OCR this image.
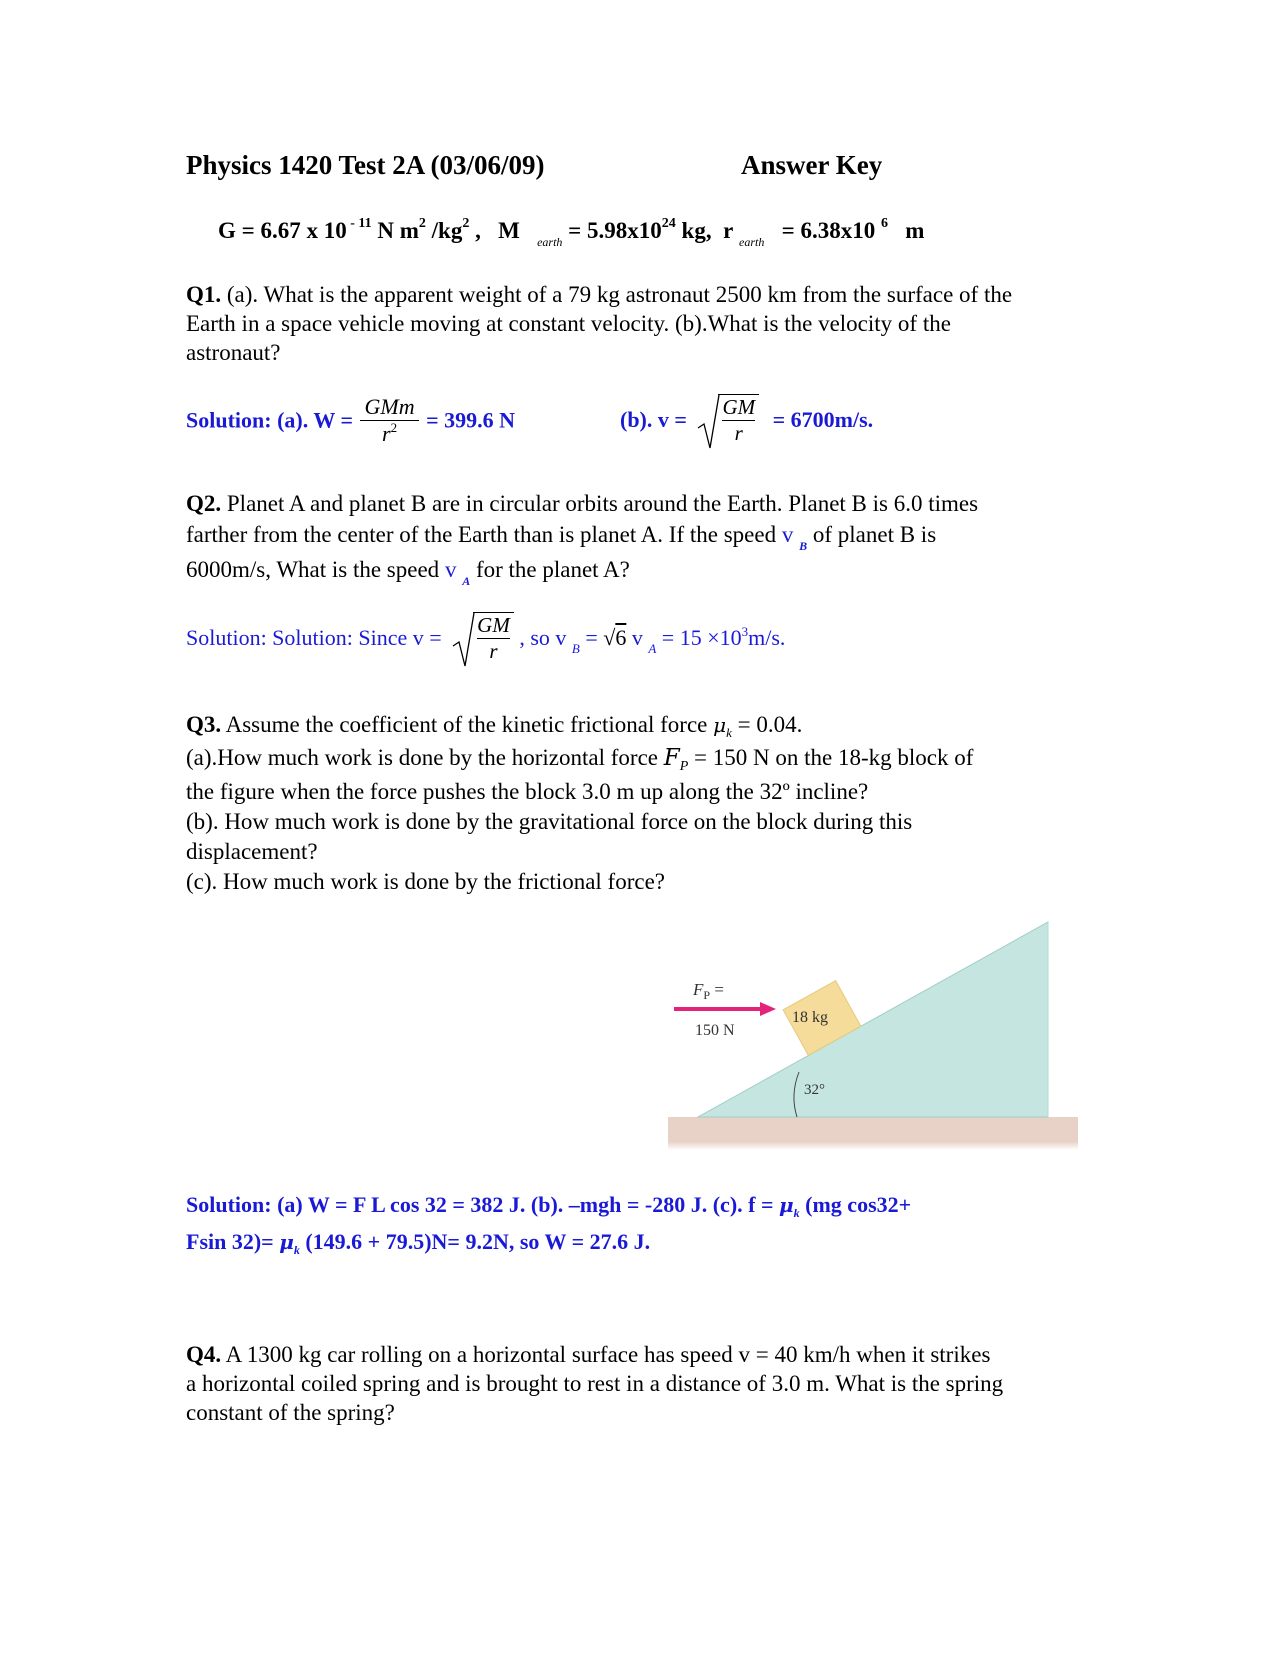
Physics 1420 Test 2A (03/06/09)	Answer Key
G = 6.67 x 10 $^{- 11}$ N $m^2$ $/kg^2$ , M $_{earth} = 5.98x10^{24}$ kg, r $_{earth}$   = 6.38x10 $^6$   m
Q1. (a). What is the apparent weight of a 79 kg astronaut 2500 km from the surface of the
Earth in a space vehicle moving at constant velocity. (b).What is the velocity of the
astronaut?
Solution: (a). $W = \frac{\text{GMm}}{r^2} = 399.6$ N	(b). $v = \frac{GM}{r} = 6700m/s$.
Q2. Planet A and planet B are in circular orbits around the Earth. Planet B is 6.0 times
farther from the center of the Earth than is planet A. If the speed v $_B$ of planet B is
6000m/s, What is the speed v $_A$ for the planet A?
Solution: Solution: Since $v = \frac{GM}{r}$ , so v $_B$ = √6 v $_A = 15 \times 10^3m/s$.
Q3. Assume the coefficient of the kinetic frictional force $\mu_k = 0.04$.
(a).How much work is done by the horizontal force $F_P = 150$ N on the 18-kg block of
the figure when the force pushes the block 3.0 m up along the 32º incline?
(b). How much work is done by the gravitational force on the block during this
displacement?
(c). How much work is done by the frictional force?
$F_P$ =
150 N
18 kg
32°
Solution: (a) W = F L cos 32 = 382 J. (b). –mgh = -280 J. (c). $f = \mu_k$ (mg cos32+
Fsin $32)= \mu_k$ (149.6 + 79.5)N= 9.2N, so W = 27.6 J.
Q4. A 1300 kg car rolling on a horizontal surface has speed v = 40 km/h when it strikes
a horizontal coiled spring and is brought to rest in a distance of 3.0 m. What is the spring
constant of the spring?
